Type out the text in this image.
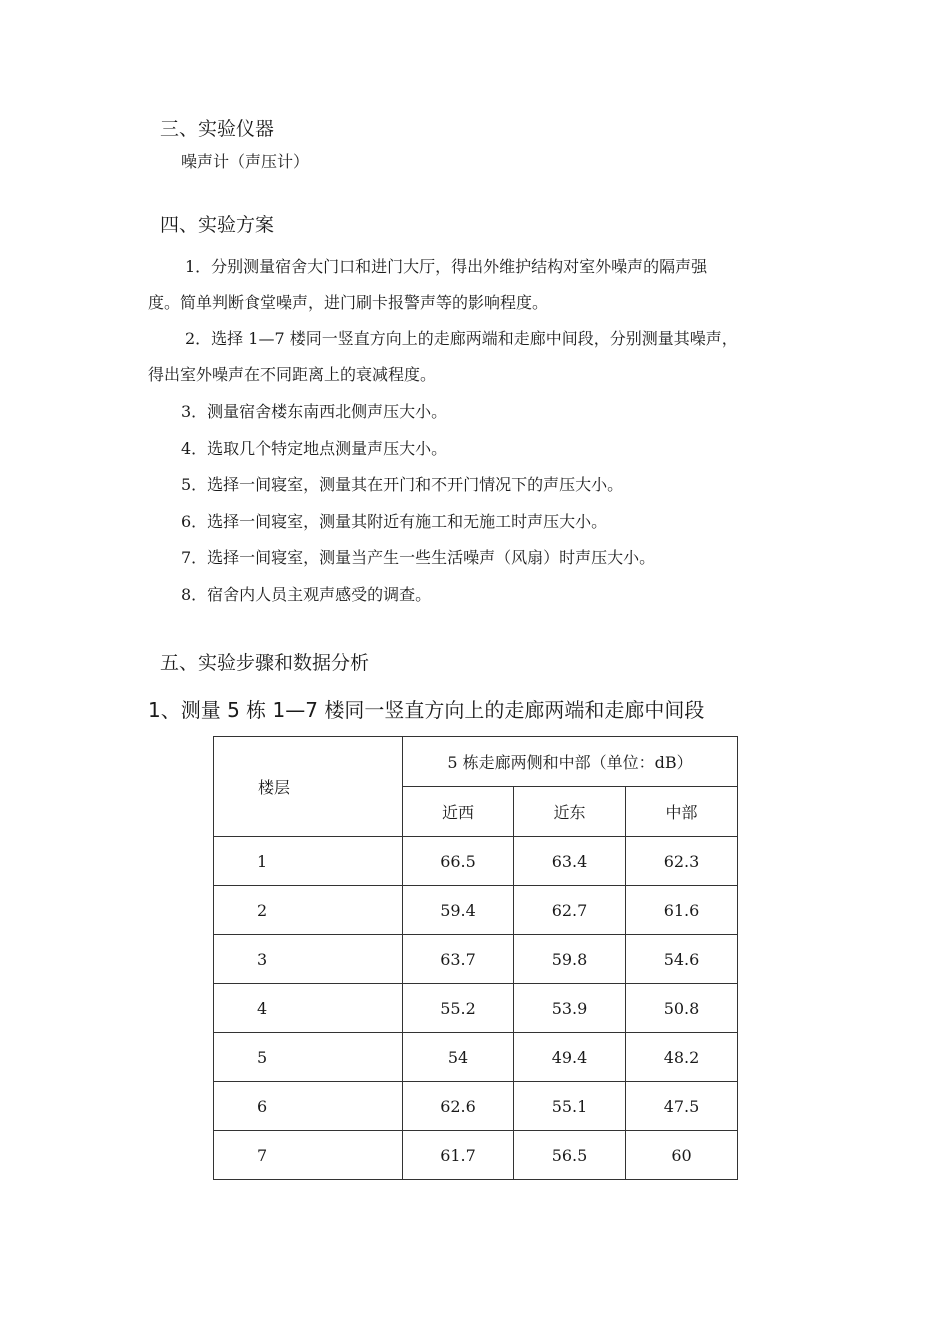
三、实验仪器
噪声计（声压计）
四、实验方案
1．分别测量宿舍大门口和进门大厅，得出外维护结构对室外噪声的隔声强
度。简单判断食堂噪声，进门刷卡报警声等的影响程度。
2．选择 1—7 楼同一竖直方向上的走廊两端和走廊中间段，分别测量其噪声，
得出室外噪声在不同距离上的衰减程度。
3．测量宿舍楼东南西北侧声压大小。
4．选取几个特定地点测量声压大小。
5．选择一间寝室，测量其在开门和不开门情况下的声压大小。
6．选择一间寝室，测量其附近有施工和无施工时声压大小。
7．选择一间寝室，测量当产生一些生活噪声（风扇）时声压大小。
8．宿舍内人员主观声感受的调查。
五、实验步骤和数据分析
1、测量 5 栋 1—7 楼同一竖直方向上的走廊两端和走廊中间段
楼层	5 栋走廊两侧和中部（单位：dB）		
	近西	近东	中部
1	66.5	63.4	62.3
2	59.4	62.7	61.6
3	63.7	59.8	54.6
4	55.2	53.9	50.8
5	54	49.4	48.2
6	62.6	55.1	47.5
7	61.7	56.5	60
